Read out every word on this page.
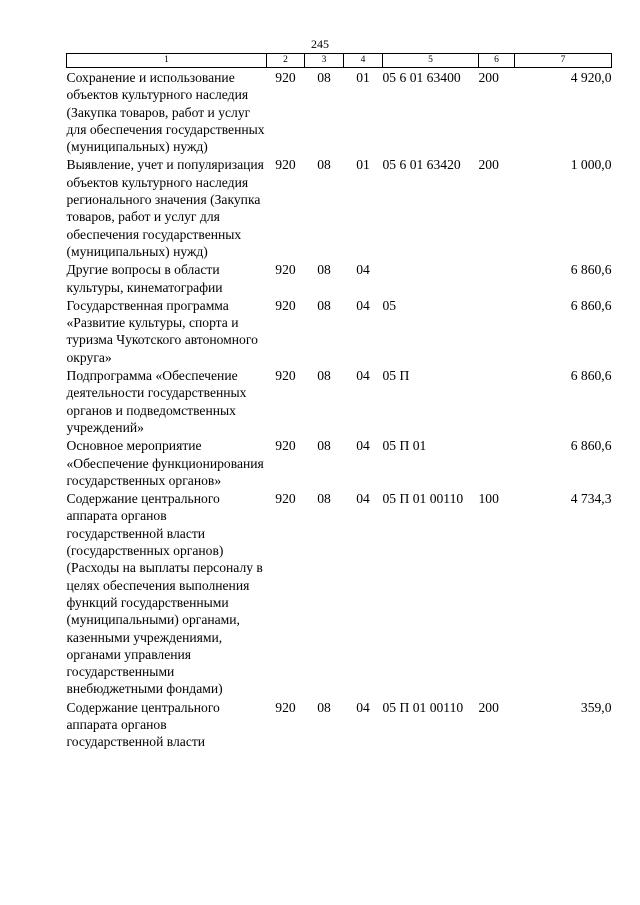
245
1	2	3	4	5	6	7
Сохранение и использование объектов культурного наследия (Закупка товаров, работ и услуг для обеспечения государственных (муниципальных) нужд)	920	08	01	05 6 01 63400	200	4 920,0
Выявление, учет и популяризация объектов культурного наследия регионального значения (Закупка товаров, работ и услуг для обеспечения государственных (муниципальных) нужд)	920	08	01	05 6 01 63420	200	1 000,0
Другие вопросы в области культуры, кинематографии	920	08	04			6 860,6
Государственная программа «Развитие культуры, спорта и туризма Чукотского автономного округа»	920	08	04	05		6 860,6
Подпрограмма «Обеспечение деятельности государственных органов и подведомственных учреждений»	920	08	04	05 П		6 860,6
Основное мероприятие «Обеспечение функционирования государственных органов»	920	08	04	05 П 01		6 860,6
Содержание центрального аппарата органов государственной власти (государственных органов) (Расходы на выплаты персоналу в целях обеспечения выполнения функций государственными (муниципальными) органами, казенными учреждениями, органами управления государственными внебюджетными фондами)	920	08	04	05 П 01 00110	100	4 734,3
Содержание центрального аппарата органов государственной власти	920	08	04	05 П 01 00110	200	359,0
